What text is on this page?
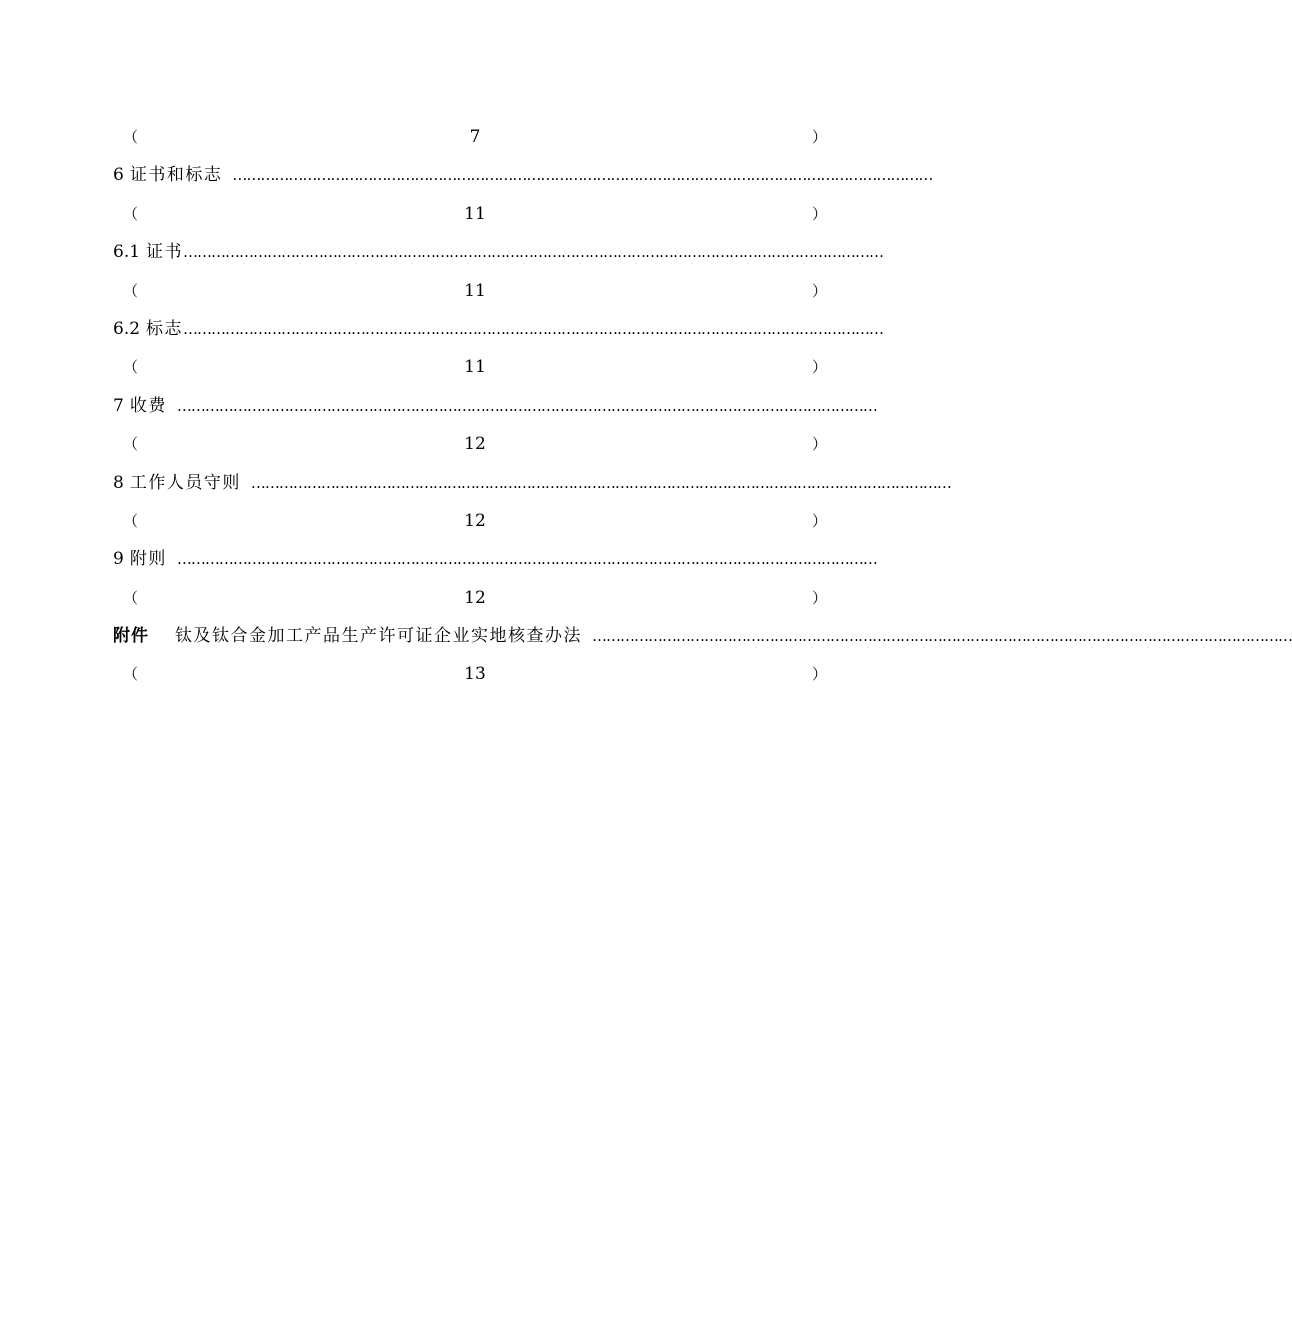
（	7	）
6 证书和标志 ……………………………………………………………………………………………………………………………………
（	11	）
6.1 证书 ……………………………………………………………………………………………………………………………………
（	11	）
6.2 标志 ……………………………………………………………………………………………………………………………………
（	11	）
7 收费 ……………………………………………………………………………………………………………………………………
（	12	）
8 工作人员守则 ……………………………………………………………………………………………………………………………………
（	12	）
9 附则 ……………………………………………………………………………………………………………………………………
（	12	）
附件 钛及钛合金加工产品生产许可证企业实地核查办法 ……………………………………………………………………………………………………………………………………
（	13	）
